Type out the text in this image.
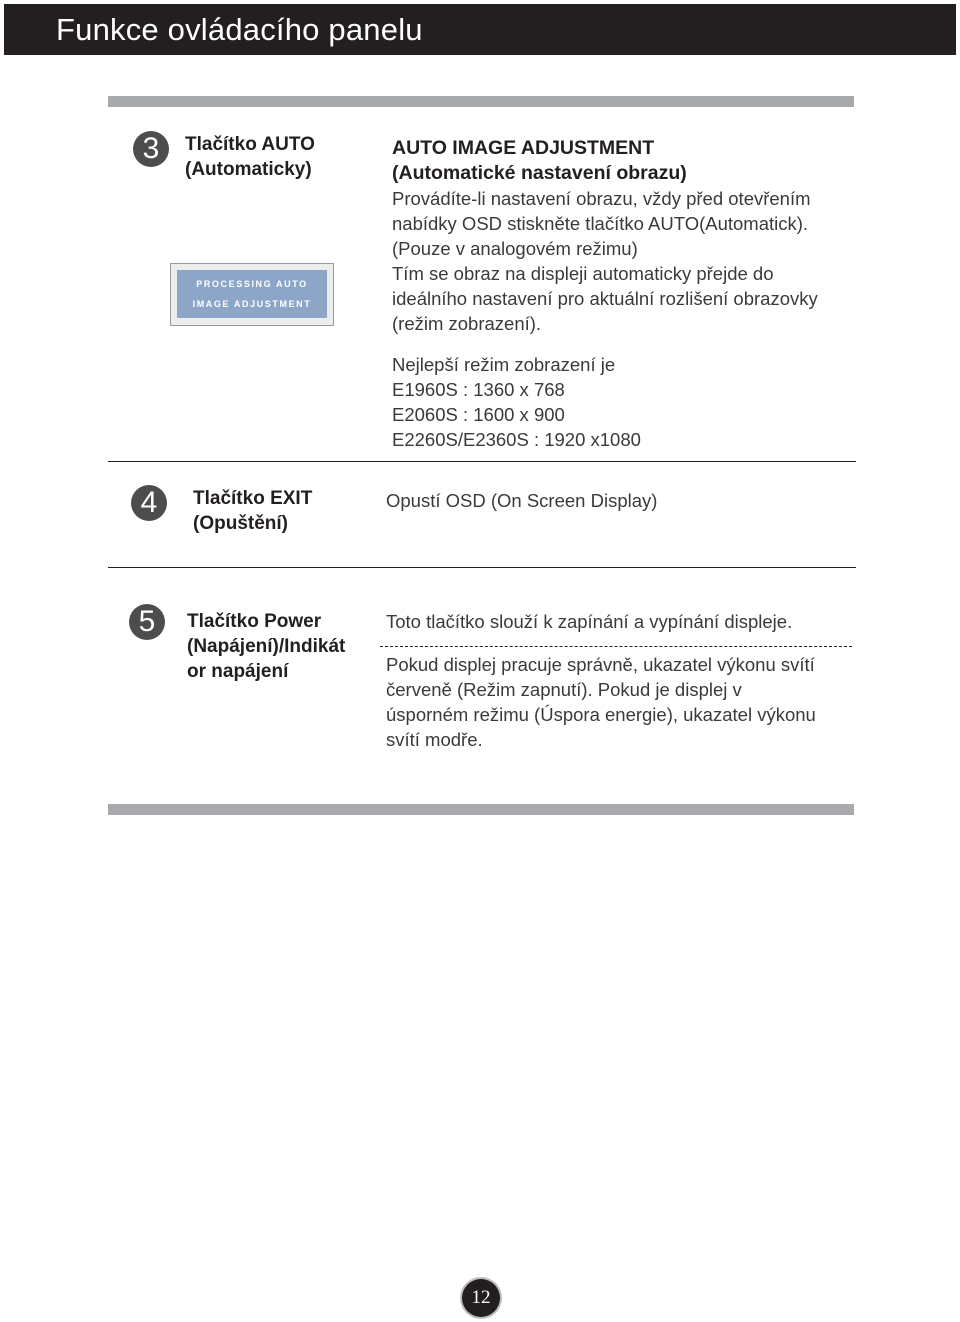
Funkce ovládacího panelu
3	Tlačítko AUTO
(Automaticky)
PROCESSING AUTO
IMAGE ADJUSTMENT
AUTO IMAGE ADJUSTMENT
(Automatické nastavení obrazu)

Provádíte-li nastavení obrazu, vždy před otevřením

nabídky OSD stiskněte tlačítko AUTO(Automatick).

(Pouze v analogovém režimu)

Tím se obraz na displeji automaticky přejde do

ideálního nastavení pro aktuální rozlišení obrazovky

(režim zobrazení).

Nejlepší režim zobrazení je

E1960S : 1360 x 768

E2060S : 1600 x 900

E2260S/E2360S : 1920 x1080

4	Tlačítko EXIT
(Opuštění)

Opustí OSD (On Screen Display)

5	Tlačítko Power
(Napájení)/Indikát
or napájení

Toto tlačítko slouží k zapínání a vypínání displeje.

Pokud displej pracuje správně, ukazatel výkonu svítí

červeně (Režim zapnutí). Pokud je displej v

úsporném režimu (Úspora energie), ukazatel výkonu

svítí modře.

12
